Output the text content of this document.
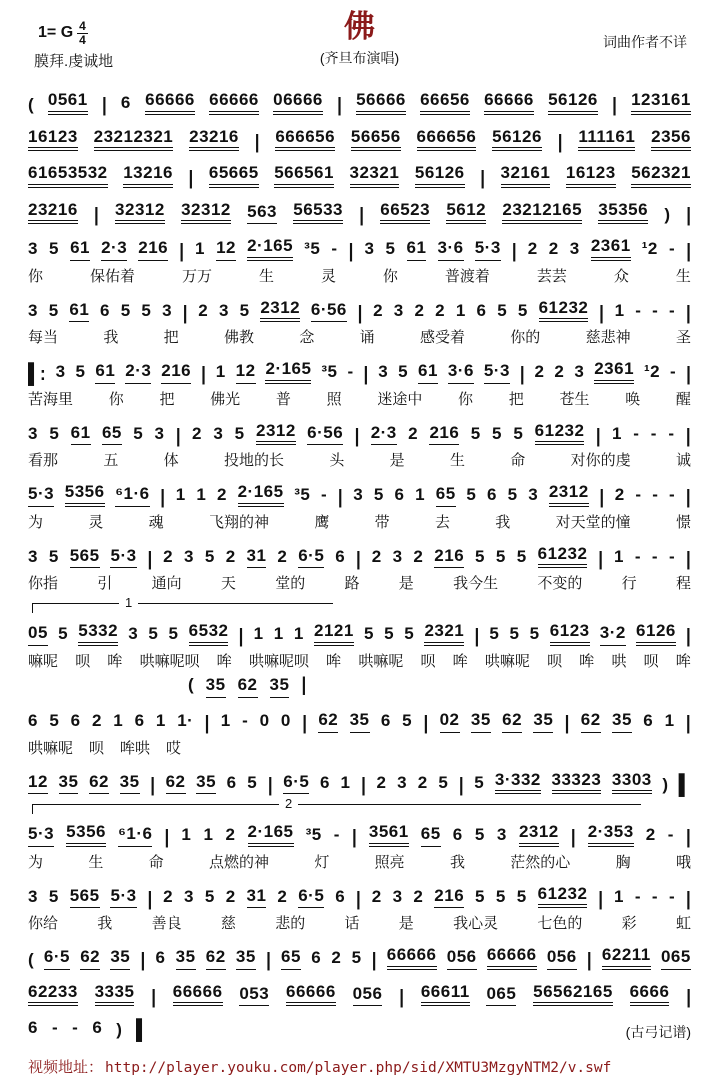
1= G $\frac{4}{4}$
膜拜.虔诚地
佛
(齐旦布演唱)
词曲作者不详
( 0561 | 6 66666 66666 06666 | 56666 66656 66666 56126 | 123161
16123 23212321 23216 | 666656 56656 666656 56126 | 111161 2356
61653532 13216 | 65665 566561 32321 56126 | 32161 16123 562321
23216 | 32312 32312 563 56533 | 66523 5612 23212165 35356 ) |
3 5 61 2·3 216 | 1 12 2·165 ³5 - | 3 5 61 3·6 5·3 | 2 2 3 2361 ¹2 - |
你	保佑着	万万	生	灵	你	普渡着	芸芸	众	生
3 5 61 6 5 5 3 | 2 3 5 2312 6·56 | 2 3 2 2 1 6 5 5 61232 | 1 - - - |
每当	我	把	佛教	念	诵	感受着	你的	慈悲神	圣
▌: 3 5 61 2·3 216 | 1 12 2·165 ³5 - | 3 5 61 3·6 5·3 | 2 2 3 2361 ¹2 - |
苦海里 你 把 佛光 普 照 迷途中 你 把 苍生 唤 醒
3 5 61 65 5 3 | 2 3 5 2312 6·56 | 2·3 2 216 5 5 5 61232 | 1 - - - |
看那	五	体	投地的长	头	是	生	命	对你的虔	诚
5·3 5356 ⁶1·6 | 1 1 2 2·165 ³5 - | 3 5 6 1 65 5 6 5 3 2312 | 2 - - - |
为	灵	魂	飞翔的神	鹰	带	去	我	对天堂的憧	憬
3 5 565 5·3 | 2 3 5 2 31 2 6·5 6 | 2 3 2 216 5 5 5 61232 | 1 - - - |
你指	引	通向	天	堂的	路	是	我今生	不变的	行	程
1
05 5 5332 3 5 5 6532 | 1 1 1 2121 5 5 5 2321 | 5 5 5 6123 3·2 6126 |
嘛呢 呗 哞 哄嘛呢呗 哞 哄嘛呢呗 哞 哄嘛呢 呗 哞 哄嘛呢 呗 哞 哄 呗 哞
( 35 62 35 |
6 5 6 2 1 6 1 1· | 1 - 0 0 | 62 35 6 5 | 02 35 62 35 | 62 35 6 1 |
哄嘛呢 呗 哞哄 哎
12 35 62 35 | 62 35 6 5 | 6·5 6 1 | 2 3 2 5 | 5 3·332 33323 3303 ) ▌
2
5·3 5356 ⁶1·6 | 1 1 2 2·165 ³5 - | 3561 65 6 5 3 2312 | 2·353 2 - |
为	生	命	点燃的神	灯	照亮	我	茫然的心	胸	哦
3 5 565 5·3 | 2 3 5 2 31 2 6·5 6 | 2 3 2 216 5 5 5 61232 | 1 - - - |
你给	我	善良	慈	悲的	话	是	我心灵	七色的	彩	虹
( 6·5 62 35 | 6 35 62 35 | 65 6 2 5 | 66666 056 66666 056 | 62211 065
62233 3335 | 66666 053 66666 056 | 66611 065 56562165 6666 |
6 - - 6 ) ▌	(古弓记谱)
视频地址： http://player.youku.com/player.php/sid/XMTU3MzgyNTM2/v.swf
